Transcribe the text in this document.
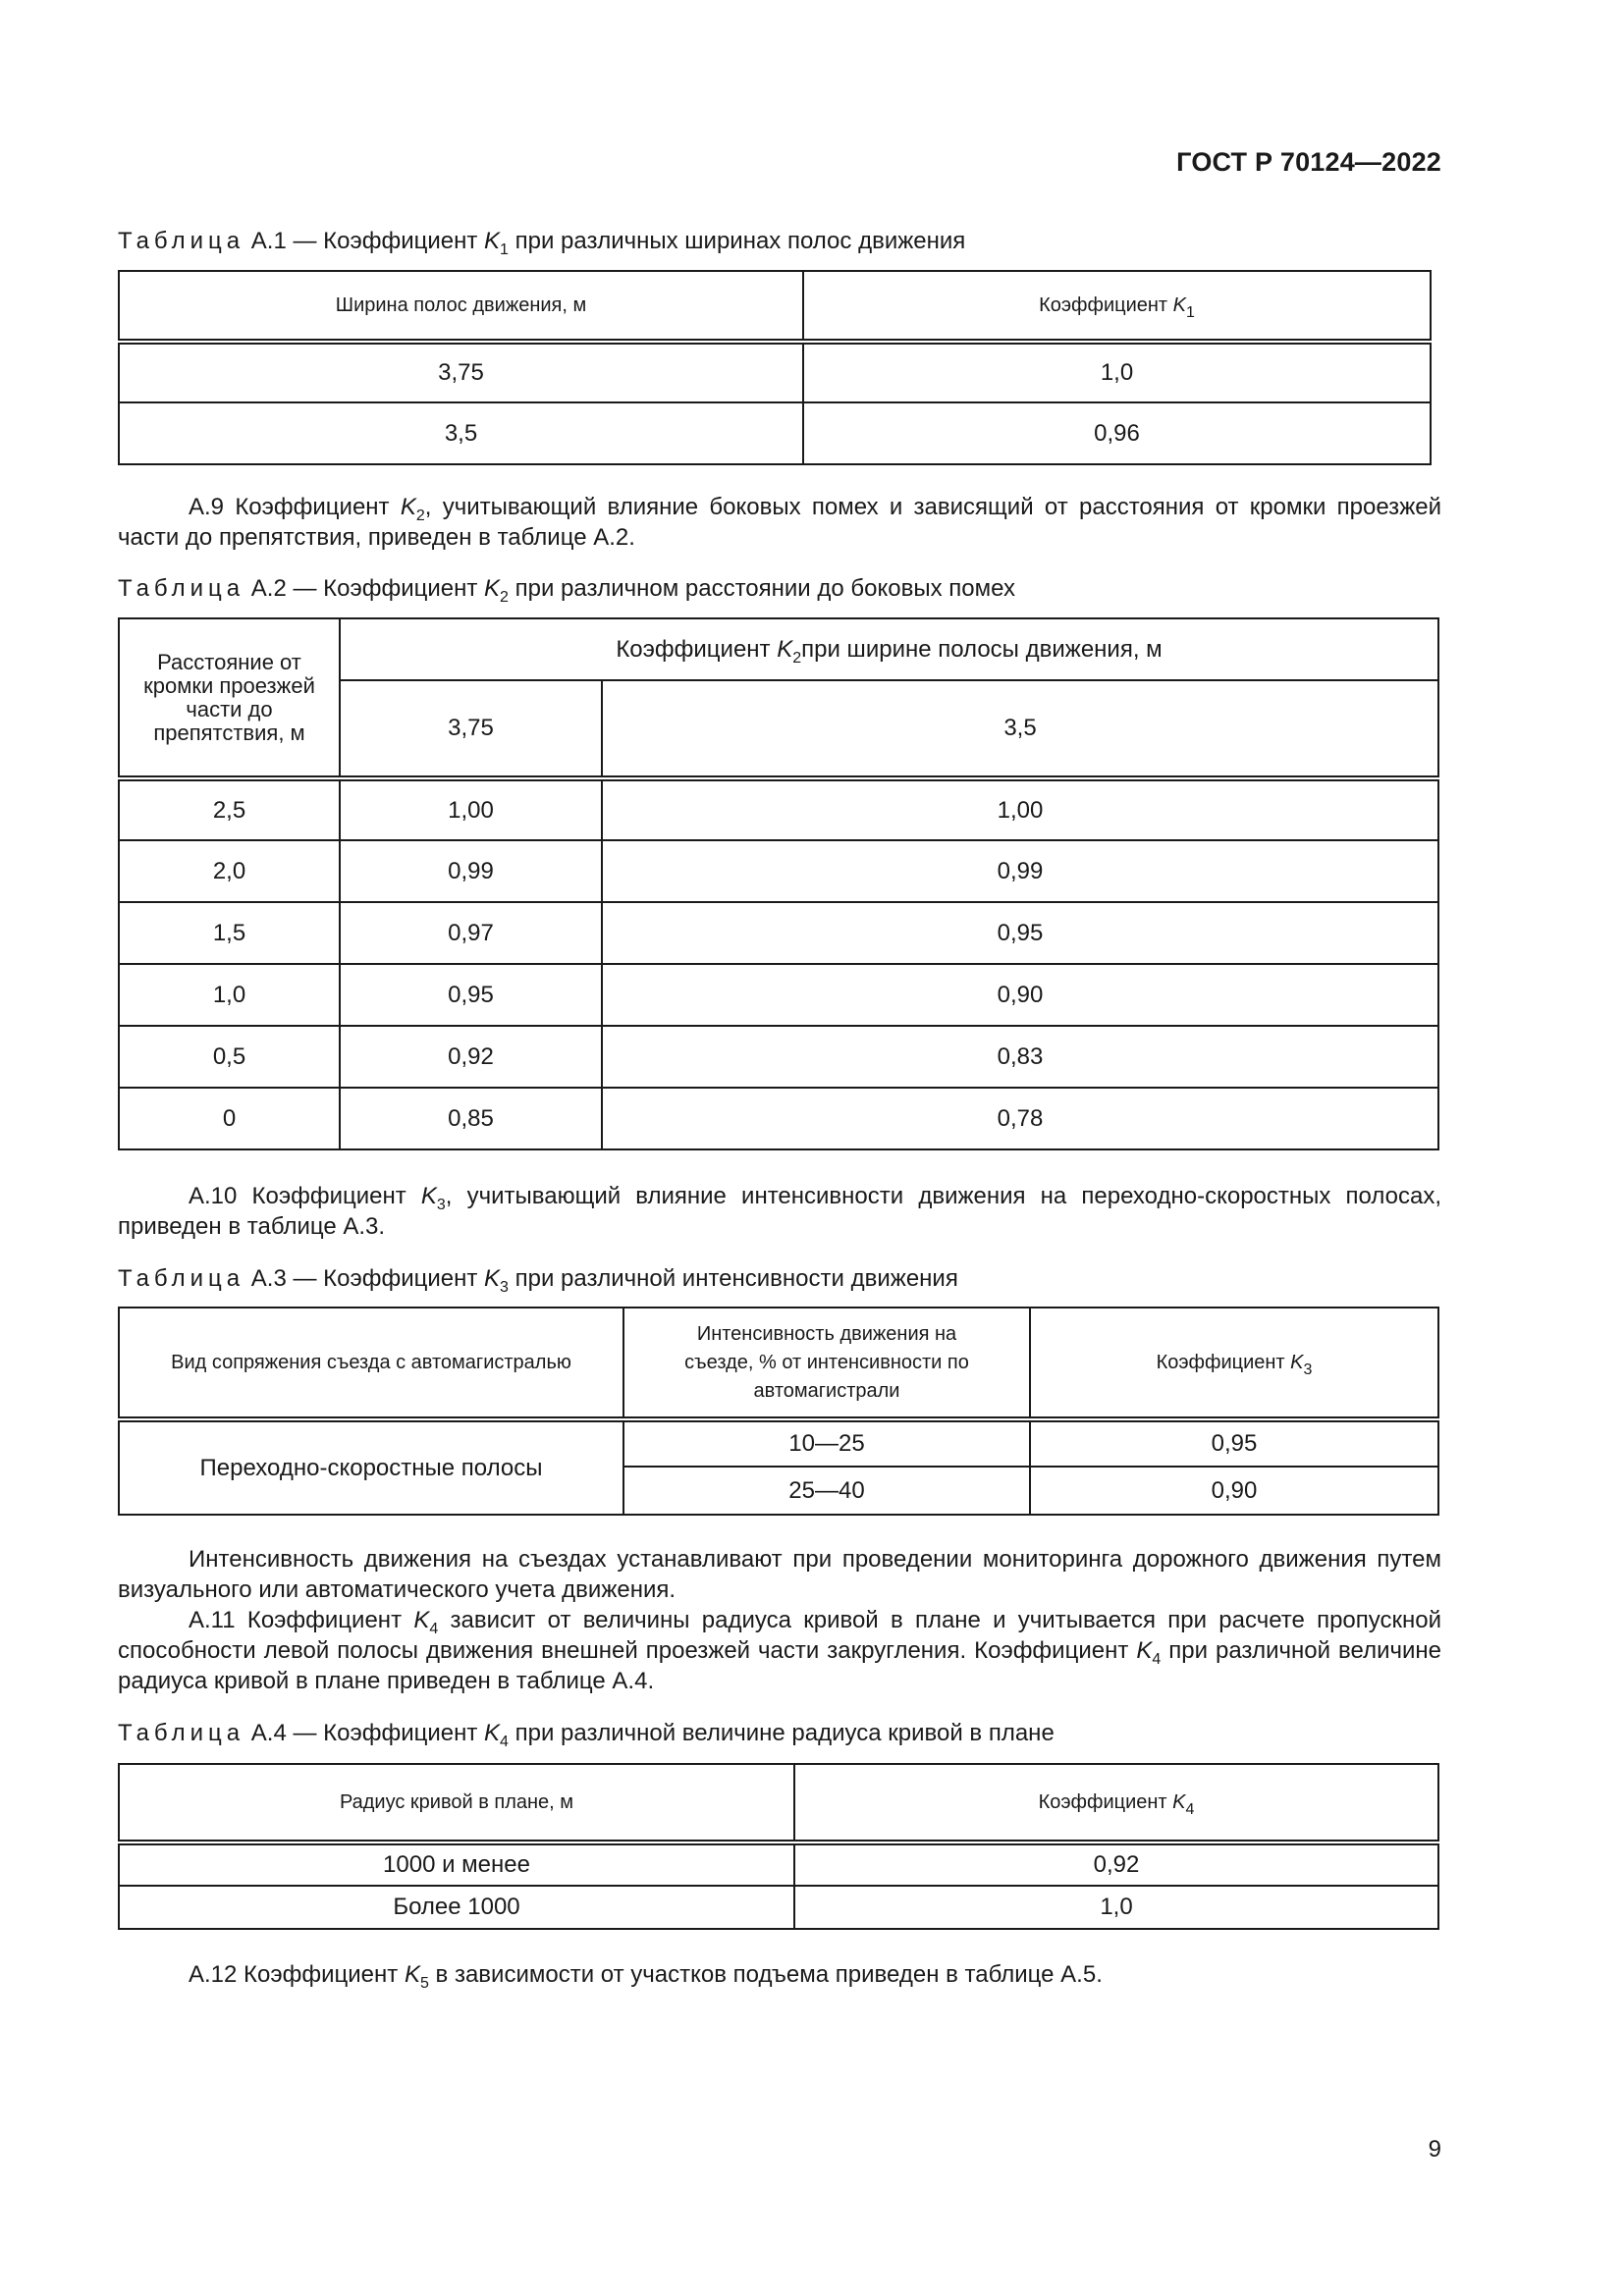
ГОСТ Р 70124—2022
Таблица А.1 — Коэффициент $K_1$ при различных ширинах полос движения
Ширина полос движения, м	Коэффициент $K_1$
3,75	1,0
3,5	0,96
А.9 Коэффициент $K_2$, учитывающий влияние боковых помех и зависящий от расстояния от кромки проезжей части до препятствия, приведен в таблице А.2.
Таблица А.2 — Коэффициент $K_2$ при различном расстоянии до боковых помех
Расстояние от кромки проезжей части до препятствия, м	Коэффициент $K_2при$ ширине полосы движения, м	
	3,75	3,5
2,5	1,00	1,00
2,0	0,99	0,99
1,5	0,97	0,95
1,0	0,95	0,90
0,5	0,92	0,83
0	0,85	0,78
А.10 Коэффициент $K_3$, учитывающий влияние интенсивности движения на переходно-скоростных полосах, приведен в таблице А.3.
Таблица А.3 — Коэффициент $K_3$ при различной интенсивности движения
Вид сопряжения съезда с автомагистралью	Интенсивность движения на съезде, % от интенсивности по автомагистрали	Коэффициент $K_3$
Переходно-скоростные полосы	10—25	0,95
	25—40	0,90
Интенсивность движения на съездах устанавливают при проведении мониторинга дорожного движения путем визуального или автоматического учета движения.
А.11 Коэффициент $K_4$ зависит от величины радиуса кривой в плане и учитывается при расчете пропускной способности левой полосы движения внешней проезжей части закругления. Коэффициент $K_4$ при различной величине радиуса кривой в плане приведен в таблице А.4.
Таблица А.4 — Коэффициент $K_4$ при различной величине радиуса кривой в плане
Радиус кривой в плане, м	Коэффициент $K_4$
1000 и менее	0,92
Более 1000	1,0
А.12 Коэффициент $K_5$ в зависимости от участков подъема приведен в таблице А.5.
9
